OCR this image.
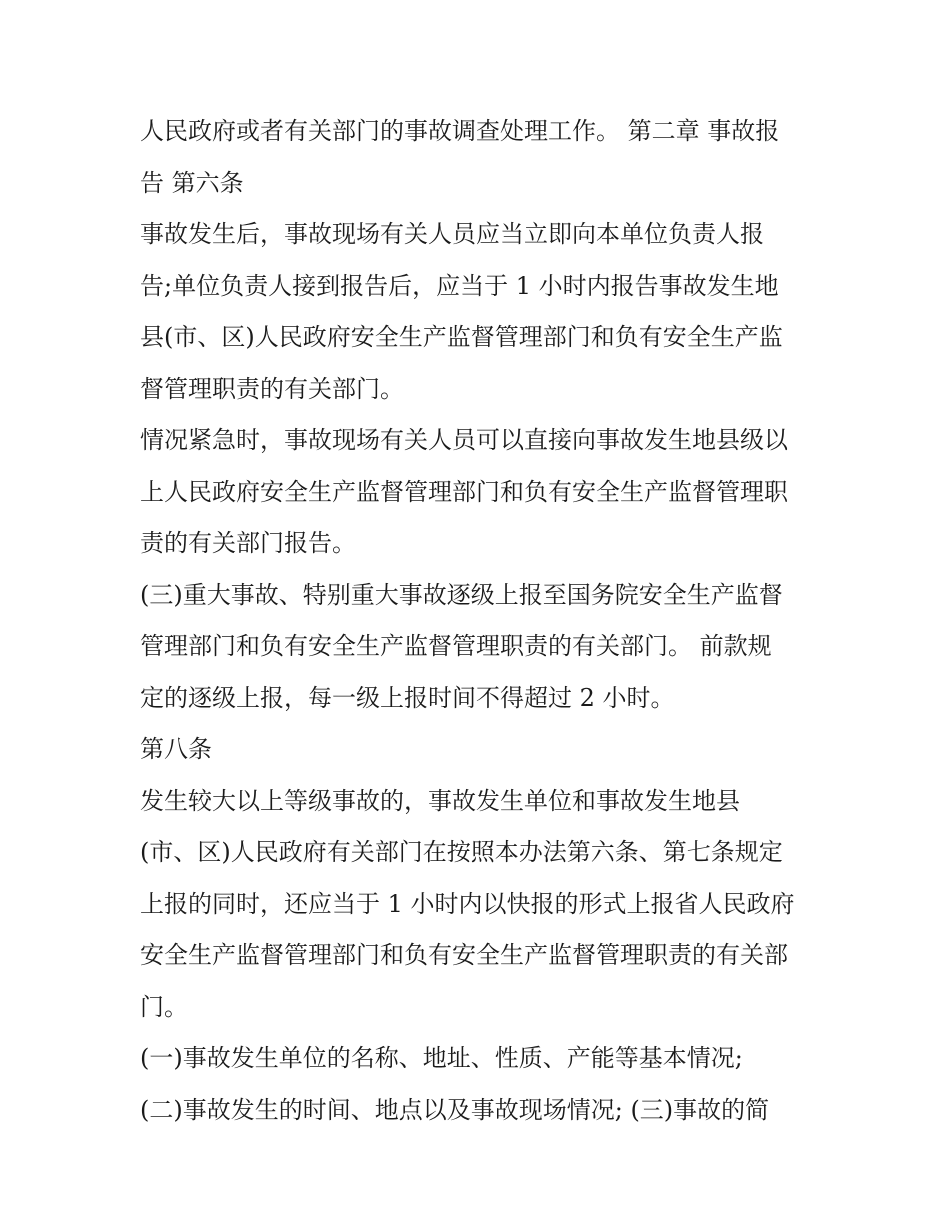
人民政府或者有关部门的事故调查处理工作。 第二章 事故报
告 第六条
事故发生后，事故现场有关人员应当立即向本单位负责人报
告;单位负责人接到报告后，应当于 1 小时内报告事故发生地
县(市、区)人民政府安全生产监督管理部门和负有安全生产监
督管理职责的有关部门。
情况紧急时，事故现场有关人员可以直接向事故发生地县级以
上人民政府安全生产监督管理部门和负有安全生产监督管理职
责的有关部门报告。
(三)重大事故、特别重大事故逐级上报至国务院安全生产监督
管理部门和负有安全生产监督管理职责的有关部门。 前款规
定的逐级上报，每一级上报时间不得超过 2 小时。
第八条
发生较大以上等级事故的，事故发生单位和事故发生地县
(市、区)人民政府有关部门在按照本办法第六条、第七条规定
上报的同时，还应当于 1 小时内以快报的形式上报省人民政府
安全生产监督管理部门和负有安全生产监督管理职责的有关部
门。
(一)事故发生单位的名称、地址、性质、产能等基本情况;
(二)事故发生的时间、地点以及事故现场情况; (三)事故的简
